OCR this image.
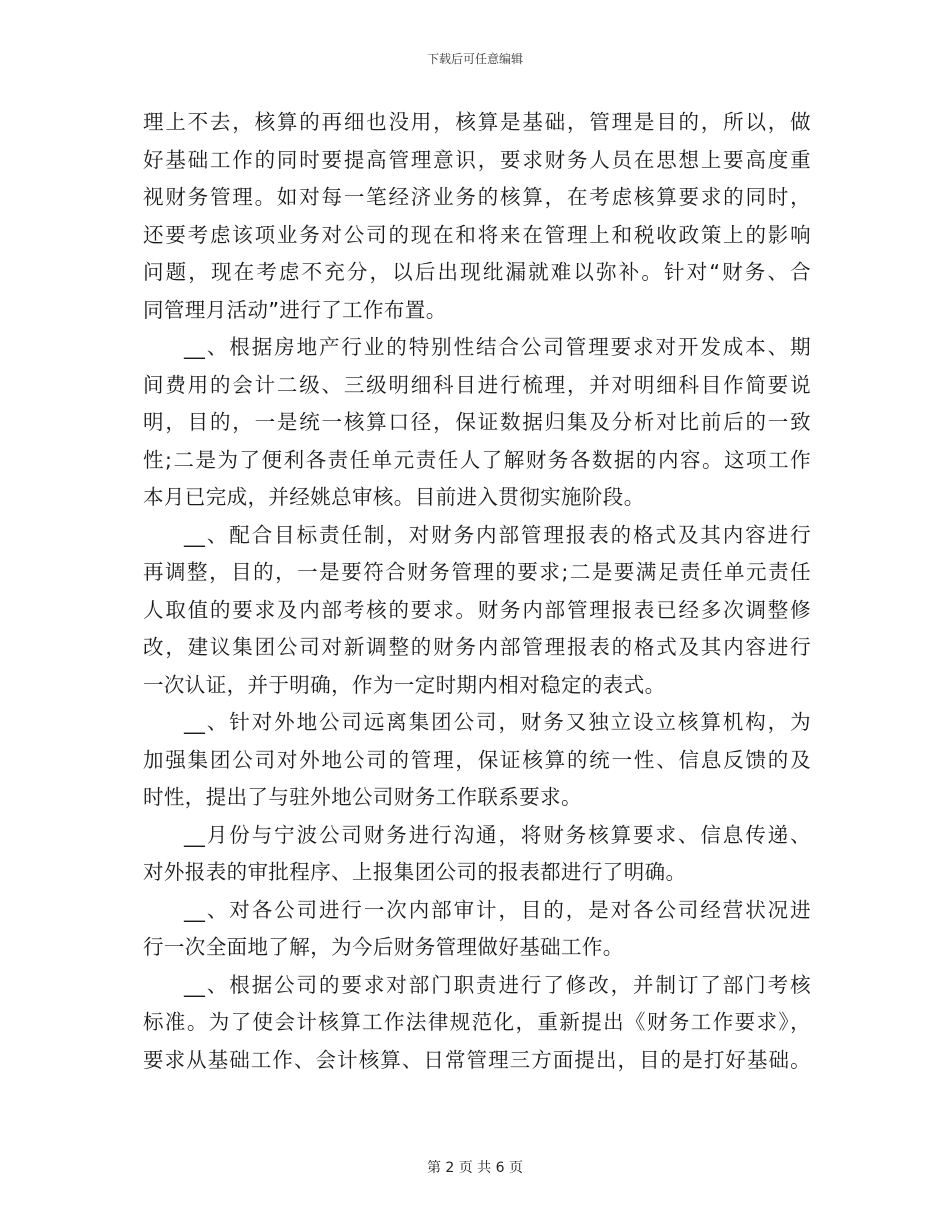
下载后可任意编辑
理上不去，核算的再细也没用，核算是基础，管理是目的，所以，做
好基础工作的同时要提高管理意识，要求财务人员在思想上要高度重
视财务管理。如对每一笔经济业务的核算，在考虑核算要求的同时，
还要考虑该项业务对公司的现在和将来在管理上和税收政策上的影响
问题，现在考虑不充分，以后出现纰漏就难以弥补。针对“财务、合
同管理月活动”进行了工作布置。
__、根据房地产行业的特别性结合公司管理要求对开发成本、期
间费用的会计二级、三级明细科目进行梳理，并对明细科目作简要说
明，目的，一是统一核算口径，保证数据归集及分析对比前后的一致
性;二是为了便利各责任单元责任人了解财务各数据的内容。这项工作
本月已完成，并经姚总审核。目前进入贯彻实施阶段。
__、配合目标责任制，对财务内部管理报表的格式及其内容进行
再调整，目的，一是要符合财务管理的要求;二是要满足责任单元责任
人取值的要求及内部考核的要求。财务内部管理报表已经多次调整修
改，建议集团公司对新调整的财务内部管理报表的格式及其内容进行
一次认证，并于明确，作为一定时期内相对稳定的表式。
__、针对外地公司远离集团公司，财务又独立设立核算机构，为
加强集团公司对外地公司的管理，保证核算的统一性、信息反馈的及
时性，提出了与驻外地公司财务工作联系要求。
__月份与宁波公司财务进行沟通，将财务核算要求、信息传递、
对外报表的审批程序、上报集团公司的报表都进行了明确。
__、对各公司进行一次内部审计，目的，是对各公司经营状况进
行一次全面地了解，为今后财务管理做好基础工作。
__、根据公司的要求对部门职责进行了修改，并制订了部门考核
标准。为了使会计核算工作法律规范化，重新提出《财务工作要求》，
要求从基础工作、会计核算、日常管理三方面提出，目的是打好基础。
第 2 页 共 6 页
